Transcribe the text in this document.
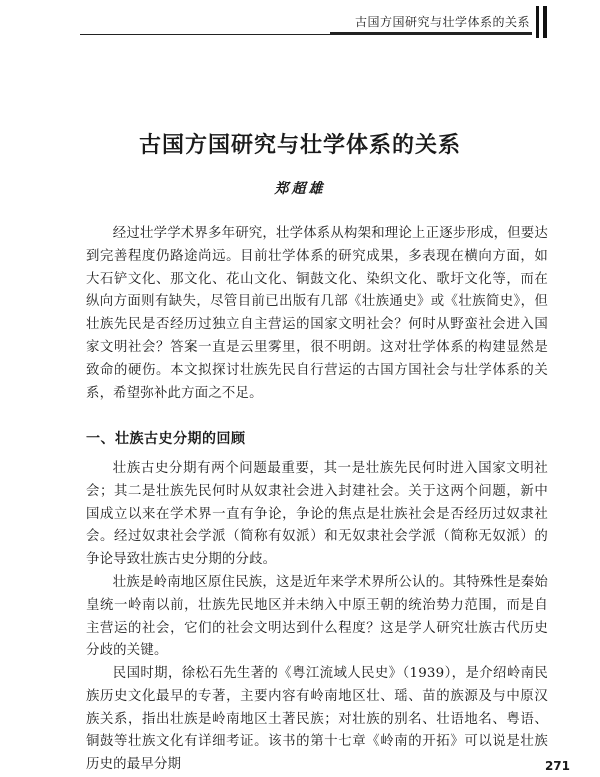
古国方国研究与壮学体系的关系
古国方国研究与壮学体系的关系

郑超雄

经过壮学学术界多年研究，壮学体系从构架和理论上正逐步形成，但要达到完善程度仍路途尚远。目前壮学体系的研究成果，多表现在横向方面，如大石铲文化、那文化、花山文化、铜鼓文化、染织文化、歌圩文化等，而在纵向方面则有缺失，尽管目前已出版有几部《壮族通史》或《壮族简史》，但壮族先民是否经历过独立自主营运的国家文明社会？何时从野蛮社会进入国家文明社会？答案一直是云里雾里，很不明朗。这对壮学体系的构建显然是致命的硬伤。本文拟探讨壮族先民自行营运的古国方国社会与壮学体系的关系，希望弥补此方面之不足。

一、壮族古史分期的回顾

壮族古史分期有两个问题最重要，其一是壮族先民何时进入国家文明社会；其二是壮族先民何时从奴隶社会进入封建社会。关于这两个问题，新中国成立以来在学术界一直有争论，争论的焦点是壮族社会是否经历过奴隶社会。经过奴隶社会学派（简称有奴派）和无奴隶社会学派（简称无奴派）的争论导致壮族古史分期的分歧。

壮族是岭南地区原住民族，这是近年来学术界所公认的。其特殊性是秦始皇统一岭南以前，壮族先民地区并未纳入中原王朝的统治势力范围，而是自主营运的社会，它们的社会文明达到什么程度？这是学人研究壮族古代历史分歧的关键。

民国时期，徐松石先生著的《粤江流域人民史》（1939），是介绍岭南民族历史文化最早的专著，主要内容有岭南地区壮、瑶、苗的族源及与中原汉族关系，指出壮族是岭南地区土著民族；对壮族的别名、壮语地名、粤语、铜鼓等壮族文化有详细考证。该书的第十七章《岭南的开拓》可以说是壮族历史的最早分期	271
